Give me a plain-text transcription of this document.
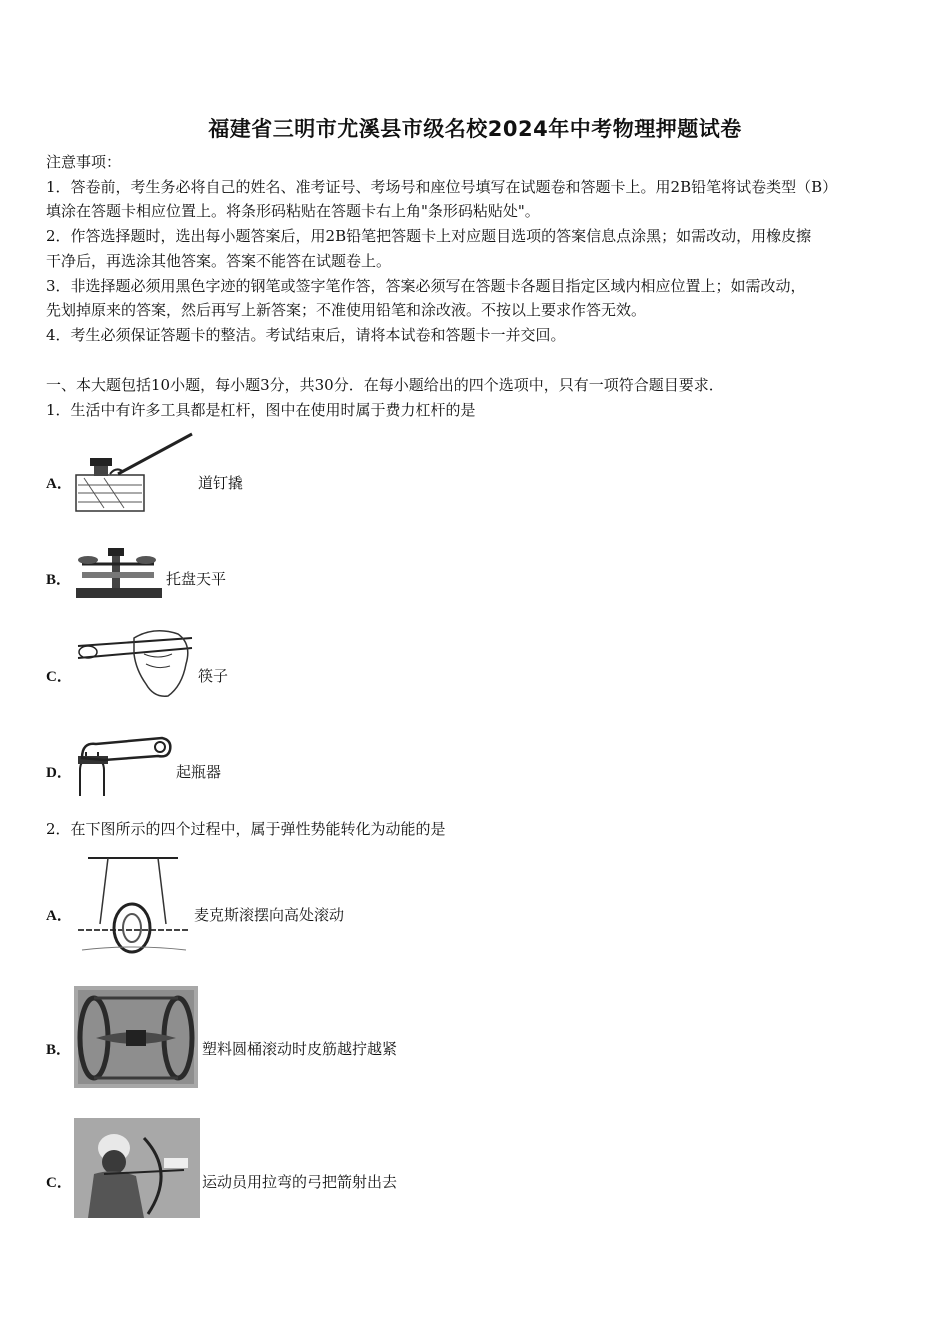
福建省三明市尤溪县市级名校2024年中考物理押题试卷
注意事项：
1．答卷前，考生务必将自己的姓名、准考证号、考场号和座位号填写在试题卷和答题卡上。用2B铅笔将试卷类型（B）
填涂在答题卡相应位置上。将条形码粘贴在答题卡右上角"条形码粘贴处"。
2．作答选择题时，选出每小题答案后，用2B铅笔把答题卡上对应题目选项的答案信息点涂黑；如需改动，用橡皮擦
干净后，再选涂其他答案。答案不能答在试题卷上。
3．非选择题必须用黑色字迹的钢笔或签字笔作答，答案必须写在答题卡各题目指定区域内相应位置上；如需改动，
先划掉原来的答案，然后再写上新答案；不准使用铅笔和涂改液。不按以上要求作答无效。
4．考生必须保证答题卡的整洁。考试结束后，请将本试卷和答题卡一并交回。
一、本大题包括10小题，每小题3分，共30分．在每小题给出的四个选项中，只有一项符合题目要求．
1．生活中有许多工具都是杠杆，图中在使用时属于费力杠杆的是
A．	道钉撬
B．	托盘天平
C．	筷子
D．	起瓶器
2．在下图所示的四个过程中，属于弹性势能转化为动能的是
A．	麦克斯滚摆向高处滚动
B．	塑料圆桶滚动时皮筋越拧越紧
C．	运动员用拉弯的弓把箭射出去
